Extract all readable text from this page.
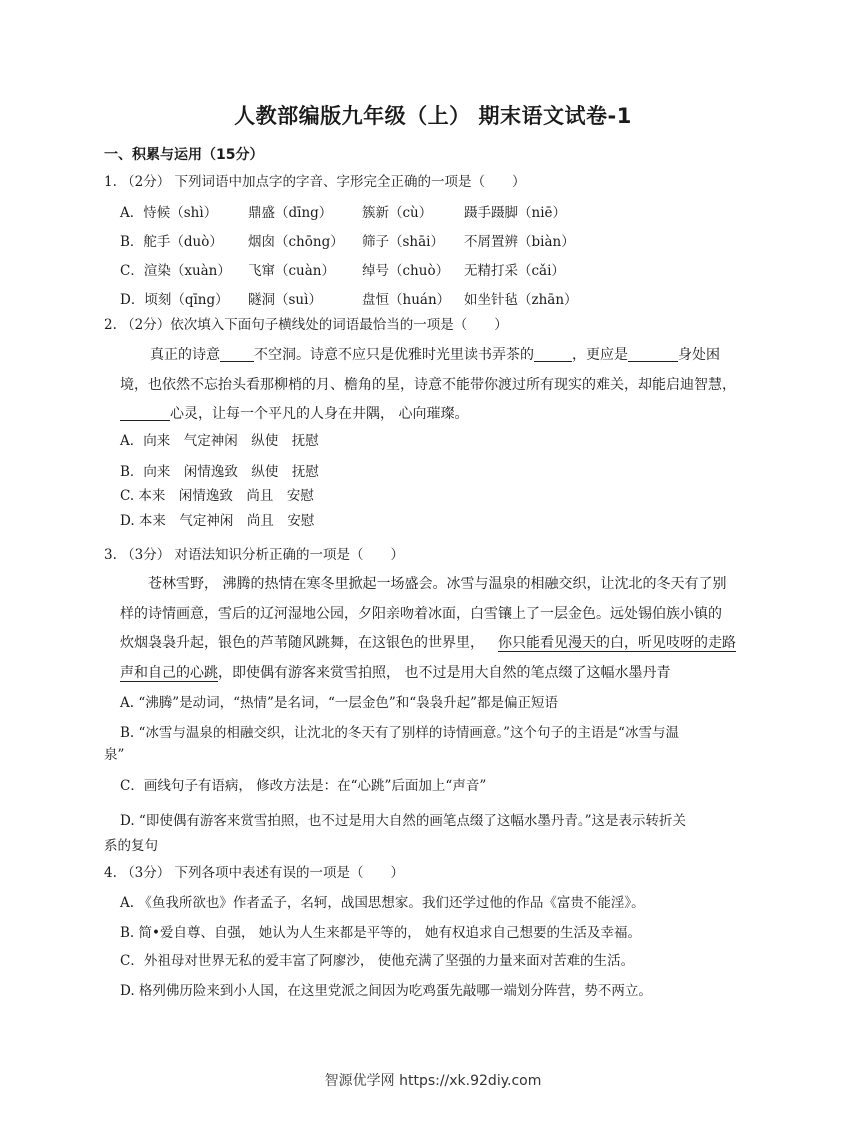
人教部编版九年级（上） 期末语文试卷-1
一、积累与运用（15分）
1. （2分） 下列词语中加点字的字音、字形完全正确的一项是（　　）
A．恃候（shì） 鼎盛（dīng） 簇新（cù） 蹑手蹑脚（niē）
B．舵手（duò） 烟囱（chōng） 筛子（shāi） 不屑置辨（biàn）
C．渲染（xuàn） 飞窜（cuàn） 绰号（chuò） 无精打采（cǎi）
D．顷刻（qīng） 隧洞（suì）	盘恒（huán） 如坐针毡（zhān）
2. （2分）依次填入下面句子横线处的词语最恰当的一项是（　　）
真正的诗意 不空洞。诗意不应只是优雅时光里读书弄茶的	，更应是	身处困
境，也依然不忘抬头看那柳梢的月、檐角的星，诗意不能带你渡过所有现实的难关，却能启迪智慧，
心灵，让每一个平凡的人身在井隅， 心向璀璨。
A．向来　气定神闲　纵使　抚慰
B．向来　闲情逸致　纵使　抚慰
C. 本来　闲情逸致　尚且　安慰
D. 本来　气定神闲　尚且　安慰
3. （3分） 对语法知识分析正确的一项是（　　）
苍林雪野， 沸腾的热情在寒冬里掀起一场盛会。冰雪与温泉的相融交织，让沈北的冬天有了别
样的诗情画意，雪后的辽河湿地公园，夕阳亲吻着冰面，白雪镶上了一层金色。远处锡伯族小镇的
炊烟袅袅升起，银色的芦苇随风跳舞，在这银色的世界里， 你只能看见漫天的白，听见吱呀的走路
声和自己的心跳，即使偶有游客来赏雪拍照， 也不过是用大自然的笔点缀了这幅水墨丹青
A. “沸腾”是动词，“热情”是名词，“一层金色”和“袅袅升起”都是偏正短语
B. “冰雪与温泉的相融交织，让沈北的冬天有了别样的诗情画意。”这个句子的主语是“冰雪与温
泉”
C．画线句子有语病， 修改方法是：在“心跳”后面加上“声音”
D. “即使偶有游客来赏雪拍照，也不过是用大自然的画笔点缀了这幅水墨丹青。”这是表示转折关
系的复句
4. （3分） 下列各项中表述有误的一项是（　　）
A. 《鱼我所欲也》作者孟子，名轲，战国思想家。我们还学过他的作品《富贵不能淫》。
B. 简•爱自尊、自强， 她认为人生来都是平等的， 她有权追求自己想要的生活及幸福。
C．外祖母对世界无私的爱丰富了阿廖沙， 使他充满了坚强的力量来面对苦难的生活。
D. 格列佛历险来到小人国，在这里党派之间因为吃鸡蛋先敲哪一端划分阵营，势不两立。
智源优学网 https://xk.92diy.com
